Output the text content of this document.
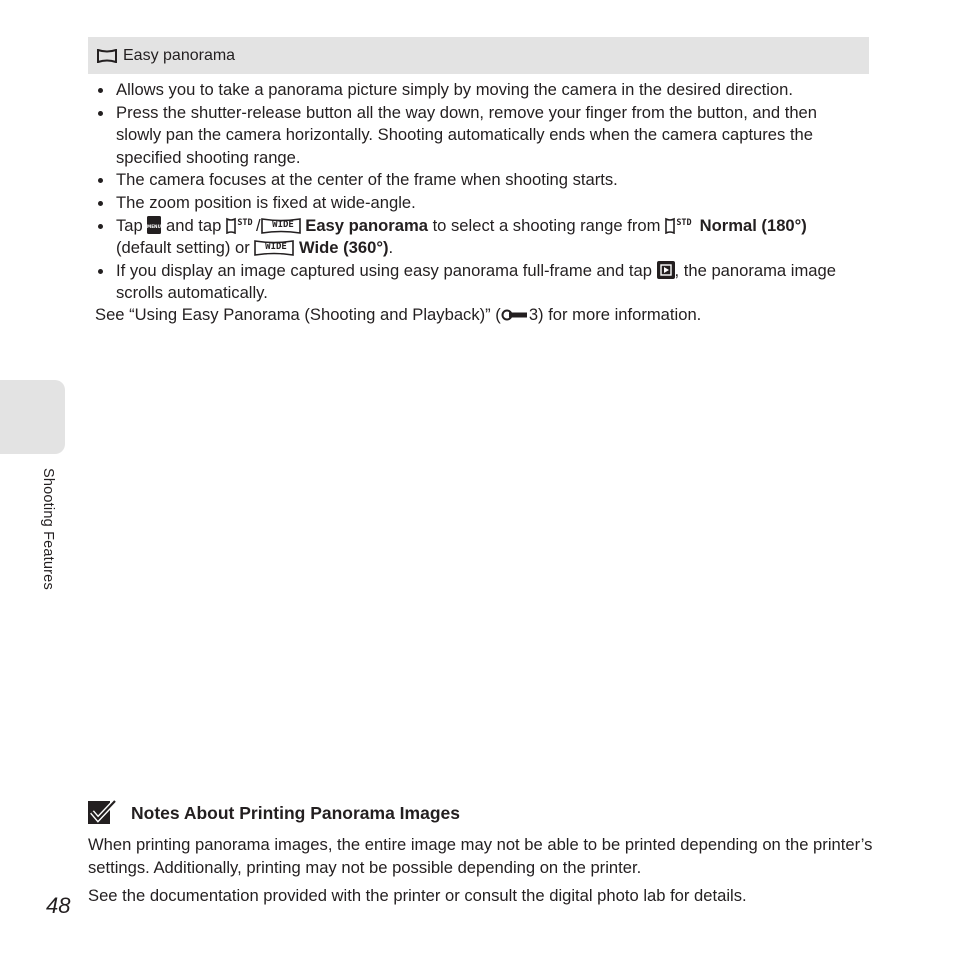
Easy panorama
Allows you to take a panorama picture simply by moving the camera in the desired direction.
Press the shutter-release button all the way down, remove your finger from the button, and then slowly pan the camera horizontally. Shooting automatically ends when the camera captures the specified shooting range.
The camera focuses at the center of the frame when shooting starts.
The zoom position is fixed at wide-angle.
Tap MENU and tap STD / WIDE Easy panorama to select a shooting range from STD Normal (180°) (default setting) or WIDE Wide (360°).
If you display an image captured using easy panorama full-frame and tap , the panorama image scrolls automatically.
See “Using Easy Panorama (Shooting and Playback)” ( 3) for more information.
Shooting Features
Notes About Printing Panorama Images

When printing panorama images, the entire image may not be able to be printed depending on the printer’s settings. Additionally, printing may not be possible depending on the printer.

See the documentation provided with the printer or consult the digital photo lab for details.

48
